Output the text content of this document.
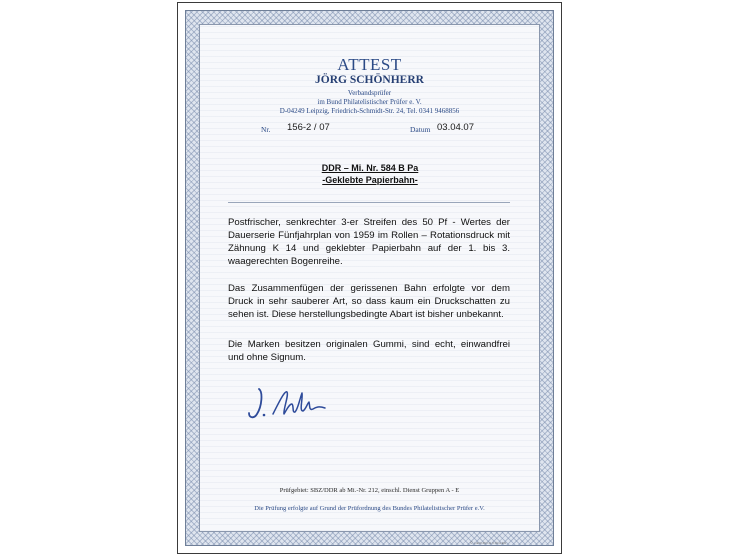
ATTEST
JÖRG SCHÖNHERR
Verbandsprüfer
im Bund Philatelistischer Prüfer e. V.
D-04249 Leipzig, Friedrich-Schmidt-Str. 24, Tel. 0341 9468856
Nr. 156-2 / 07	Datum 03.04.07
DDR – Mi. Nr. 584 B Pa
-Geklebte Papierbahn-
Postfrischer, senkrechter 3-er Streifen des 50 Pf - Wertes der Dauerserie Fünfjahrplan von 1959 im Rollen – Rotationsdruck mit Zähnung K 14 und geklebter Papierbahn auf der 1. bis 3. waagerechten Bogenreihe.
Das Zusammenfügen der gerissenen Bahn erfolgte vor dem Druck in sehr sauberer Art, so dass kaum ein Druckschatten zu sehen ist. Diese herstellungsbedingte Abart ist bisher unbekannt.
Die Marken besitzen originalen Gummi, sind echt, einwandfrei und ohne Signum.
Prüfgebiet: SBZ/DDR ab Mi.-Nr. 212, einschl. Dienst Gruppen A - E
Die Prüfung erfolgte auf Grund der Prüfordnung des Bundes Philatelistischer Prüfer e.V.
© HEINRICH KÖHLER
